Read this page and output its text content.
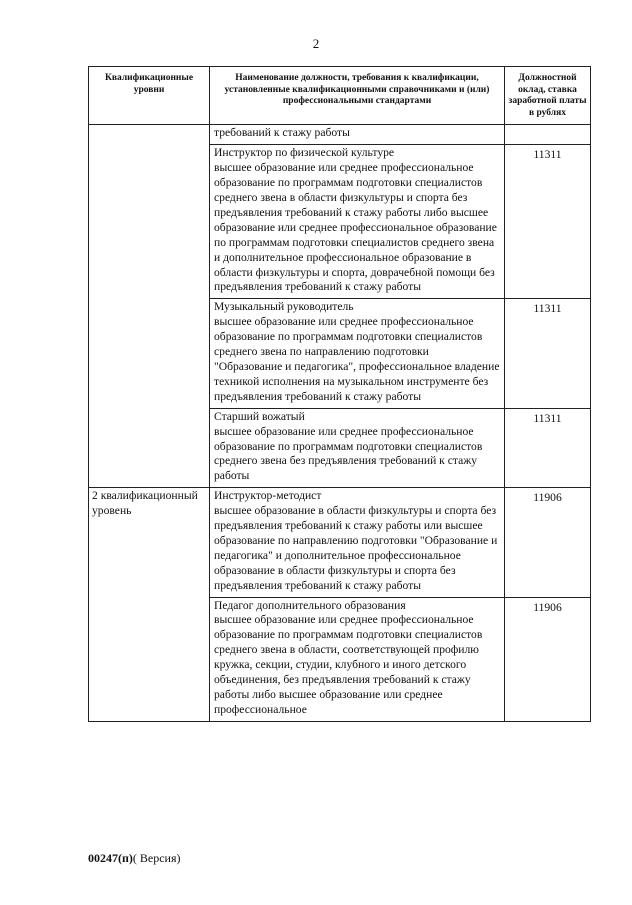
2
Квалификационные уровни	Наименование должности, требования к квалификации, установленные квалификационными справочниками и (или) профессиональными стандартами	Должностной оклад, ставка заработной платы в рублях
	требований к стажу работы	

	Инструктор по физической культуре
высшее образование или среднее профессиональное образование по программам подготовки специалистов среднего звена в области физкультуры и спорта без предъявления требований к стажу работы либо высшее образование или среднее профессиональное образование по программам подготовки специалистов среднего звена и дополнительное профессиональное образование в области физкультуры и спорта, доврачебной помощи без предъявления требований к стажу работы	11311

	Музыкальный руководитель
высшее образование или среднее профессиональное образование по программам подготовки специалистов среднего звена по направлению подготовки "Образование и педагогика", профессиональное владение техникой исполнения на музыкальном инструменте без предъявления требований к стажу работы	11311

	Старший вожатый
высшее образование или среднее профессиональное образование по программам подготовки специалистов среднего звена без предъявления требований к стажу работы	11311
2 квалификационный уровень	Инструктор-методист
высшее образование в области физкультуры и спорта без предъявления требований к стажу работы или высшее образование по направлению подготовки "Образование и педагогика" и дополнительное профессиональное образование в области физкультуры и спорта без предъявления требований к стажу работы	11906

	Педагог дополнительного образования
высшее образование или среднее профессиональное образование по программам подготовки специалистов среднего звена в области, соответствующей профилю кружка, секции, студии, клубного и иного детского объединения, без предъявления требований к стажу работы либо высшее образование или среднее профессиональное	11906
00247(п)( Версия)
